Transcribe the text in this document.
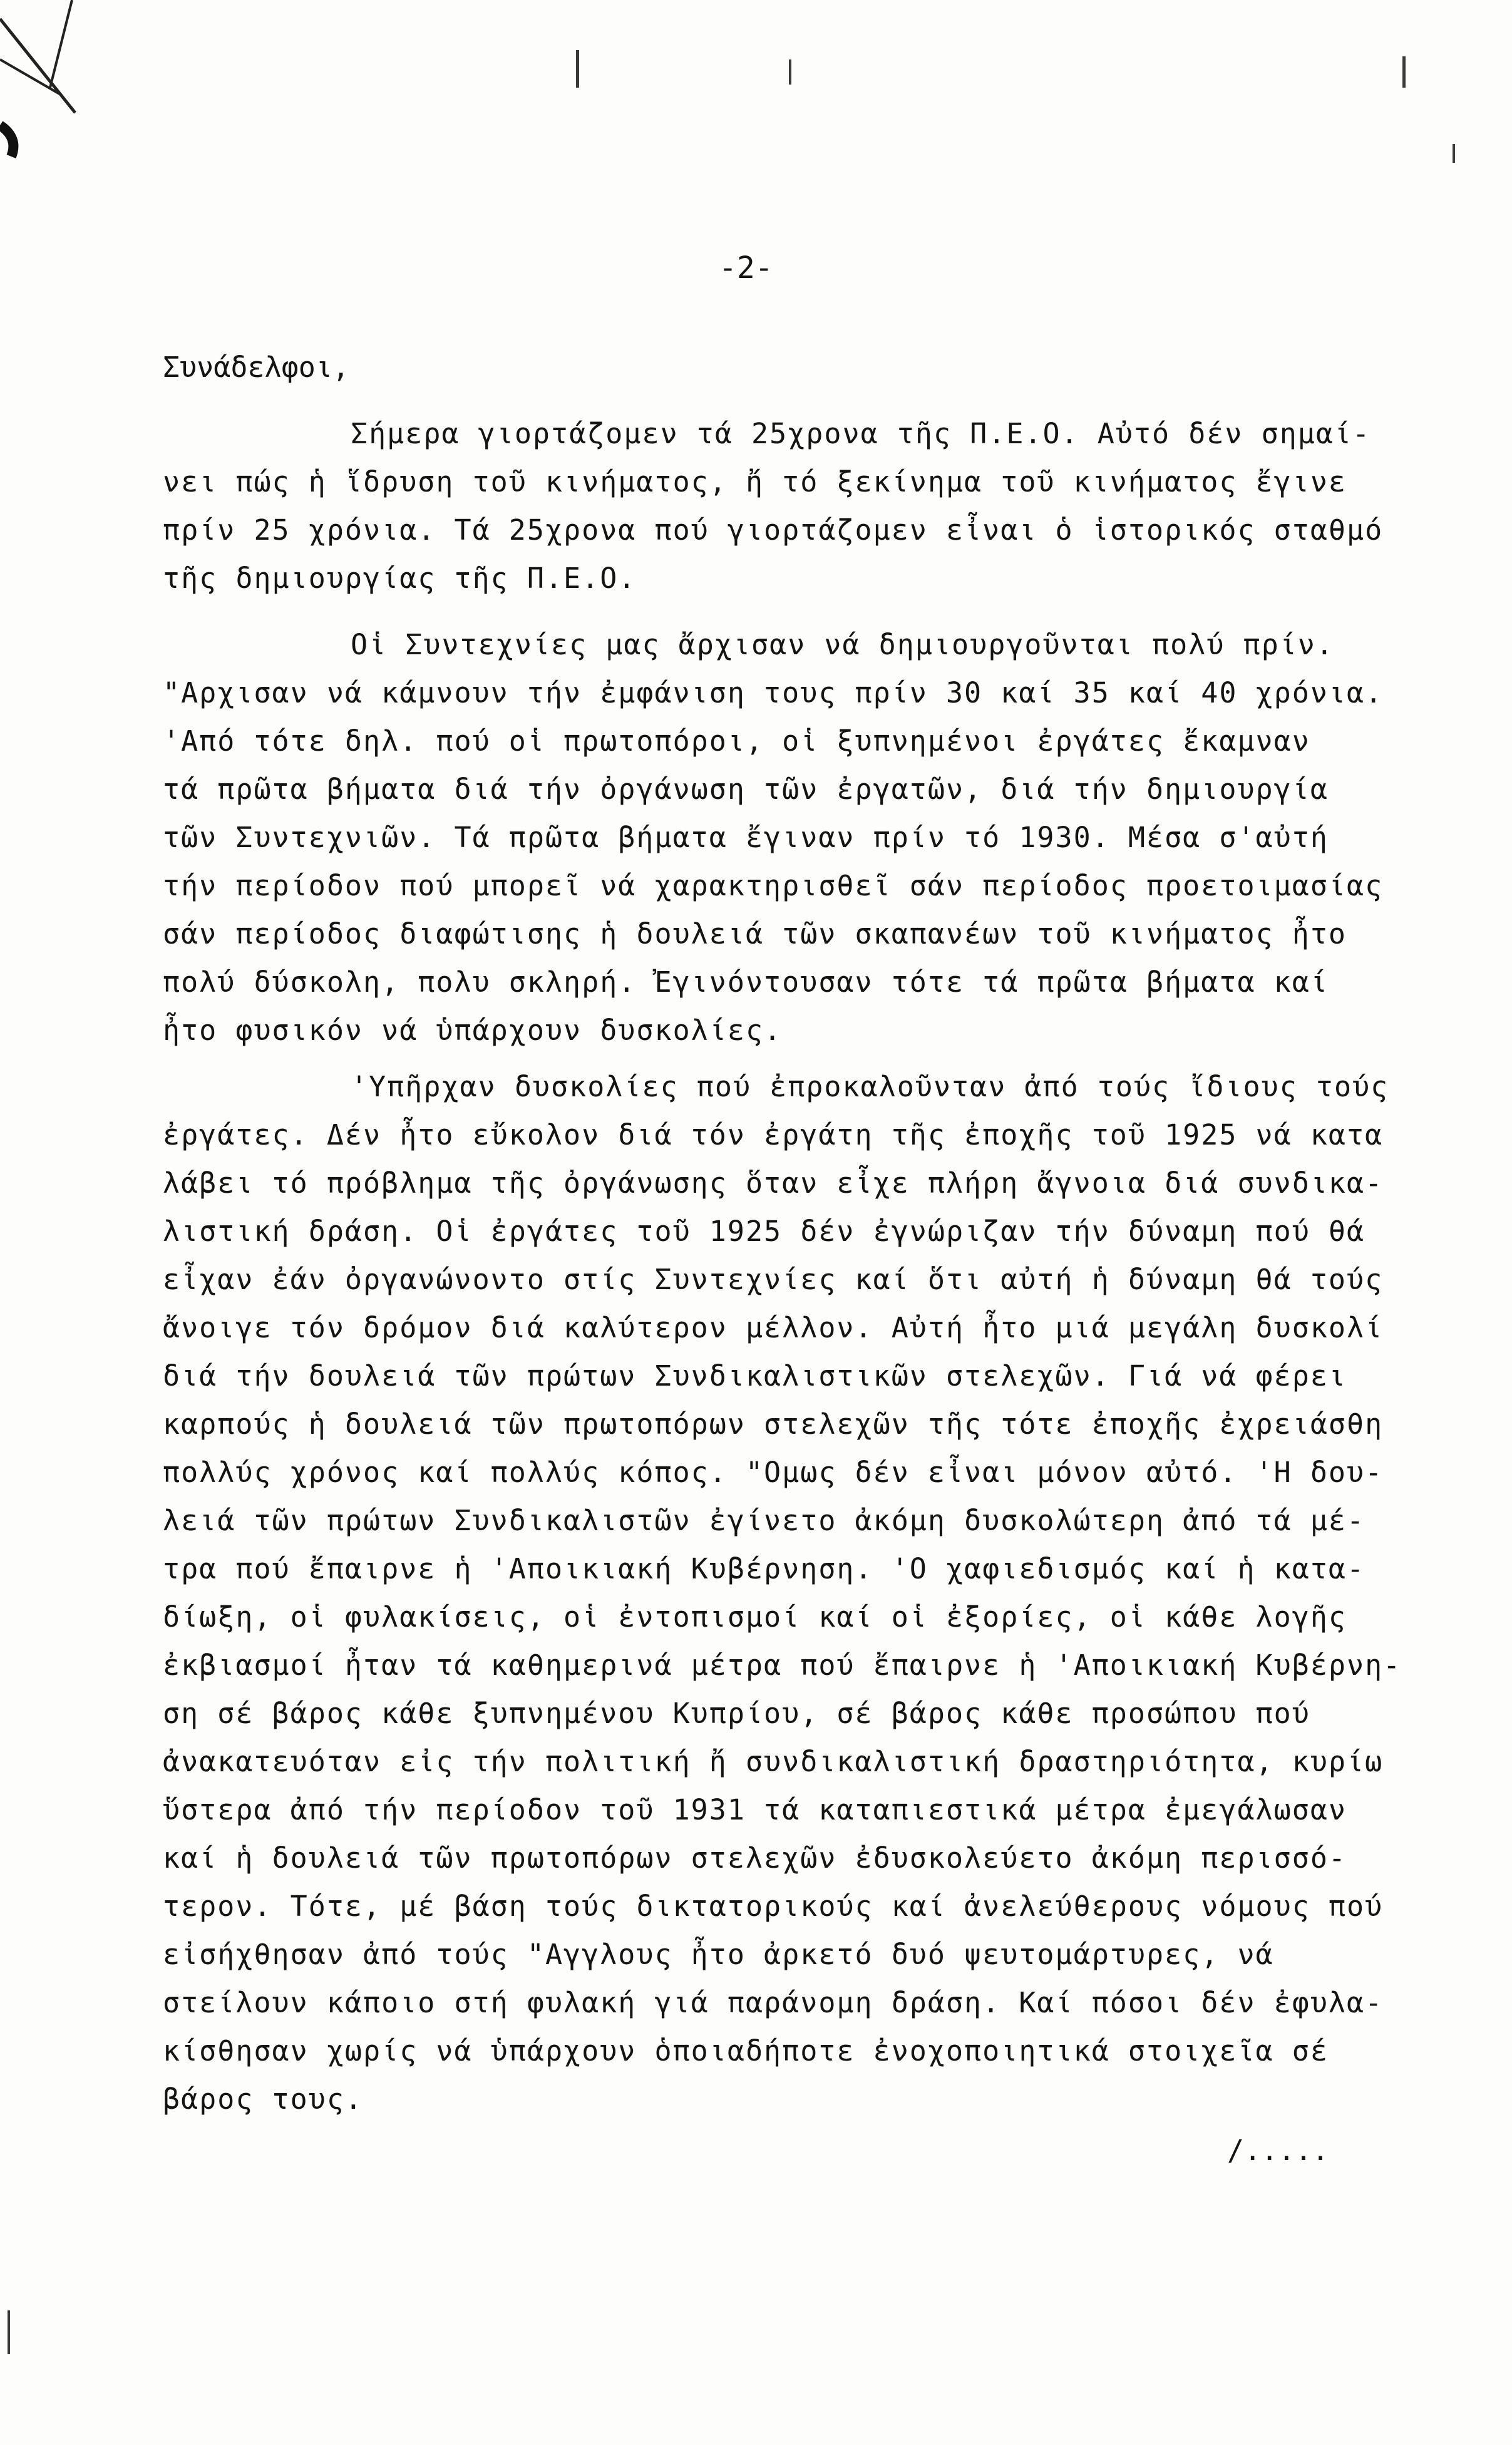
-2-
Συνάδελφοι,

Σήμερα γιορτάζομεν τά 25χρονα τῆς Π.Ε.Ο. Αὐτό δέν σημαί-
νει πώς ἡ ἵδρυση τοῦ κινήματος, ἤ τό ξεκίνημα τοῦ κινήματος ἔγινε
πρίν 25 χρόνια. Τά 25χρονα πού γιορτάζομεν εἶναι ὁ ἱστορικός σταθμό
τῆς δημιουργίας τῆς Π.Ε.Ο.

Οἱ Συντεχνίες μας ἄρχισαν νά δημιουργοῦνται πολύ πρίν.
"Αρχισαν νά κάμνουν τήν ἐμφάνιση τους πρίν 30 καί 35 καί 40 χρόνια.
'Από τότε δηλ. πού οἱ πρωτοπόροι, οἱ ξυπνημένοι ἐργάτες ἔκαμναν
τά πρῶτα βήματα διά τήν ὀργάνωση τῶν ἐργατῶν, διά τήν δημιουργία
τῶν Συντεχνιῶν. Τά πρῶτα βήματα ἔγιναν πρίν τό 1930. Μέσα σ'αὐτή
τήν περίοδον πού μπορεῖ νά χαρακτηρισθεῖ σάν περίοδος προετοιμασίας
σάν περίοδος διαφώτισης ἡ δουλειά τῶν σκαπανέων τοῦ κινήματος ἦτο
πολύ δύσκολη, πολυ σκληρή. Ἐγινόντουσαν τότε τά πρῶτα βήματα καί
ἦτο φυσικόν νά ὑπάρχουν δυσκολίες.

'Υπῆρχαν δυσκολίες πού ἐπροκαλοῦνταν ἀπό τούς ἴδιους τούς
ἐργάτες. Δέν ἦτο εὔκολον διά τόν ἐργάτη τῆς ἐποχῆς τοῦ 1925 νά κατα
λάβει τό πρόβλημα τῆς ὀργάνωσης ὅταν εἶχε πλήρη ἄγνοια διά συνδικα-
λιστική δράση. Οἱ ἐργάτες τοῦ 1925 δέν ἐγνώριζαν τήν δύναμη πού θά
εἶχαν ἐάν ὀργανώνοντο στίς Συντεχνίες καί ὅτι αὐτή ἡ δύναμη θά τούς
ἄνοιγε τόν δρόμον διά καλύτερον μέλλον. Αὐτή ἦτο μιά μεγάλη δυσκολί
διά τήν δουλειά τῶν πρώτων Συνδικαλιστικῶν στελεχῶν. Γιά νά φέρει
καρπούς ἡ δουλειά τῶν πρωτοπόρων στελεχῶν τῆς τότε ἐποχῆς ἐχρειάσθη
πολλύς χρόνος καί πολλύς κόπος. "Ομως δέν εἶναι μόνον αὐτό. 'Η δου-
λειά τῶν πρώτων Συνδικαλιστῶν ἐγίνετο ἀκόμη δυσκολώτερη ἀπό τά μέ-
τρα πού ἔπαιρνε ἡ 'Αποικιακή Κυβέρνηση. 'Ο χαφιεδισμός καί ἡ κατα-
δίωξη, οἱ φυλακίσεις, οἱ ἐντοπισμοί καί οἱ ἐξορίες, οἱ κάθε λογῆς
ἐκβιασμοί ἦταν τά καθημερινά μέτρα πού ἔπαιρνε ἡ 'Αποικιακή Κυβέρνη-
ση σέ βάρος κάθε ξυπνημένου Κυπρίου, σέ βάρος κάθε προσώπου πού
ἀνακατευόταν εἰς τήν πολιτική ἤ συνδικαλιστική δραστηριότητα, κυρίω
ὕστερα ἀπό τήν περίοδον τοῦ 1931 τά καταπιεστικά μέτρα ἐμεγάλωσαν
καί ἡ δουλειά τῶν πρωτοπόρων στελεχῶν ἐδυσκολεύετο ἀκόμη περισσό-
τερον. Τότε, μέ βάση τούς δικτατορικούς καί ἀνελεύθερους νόμους πού
εἰσήχθησαν ἀπό τούς "Αγγλους ἦτο ἀρκετό δυό ψευτομάρτυρες, νά
στείλουν κάποιο στή φυλακή γιά παράνομη δράση. Καί πόσοι δέν ἐφυλα-
κίσθησαν χωρίς νά ὑπάρχουν ὁποιαδήποτε ἐνοχοποιητικά στοιχεῖα σέ
βάρος τους.

/.....
